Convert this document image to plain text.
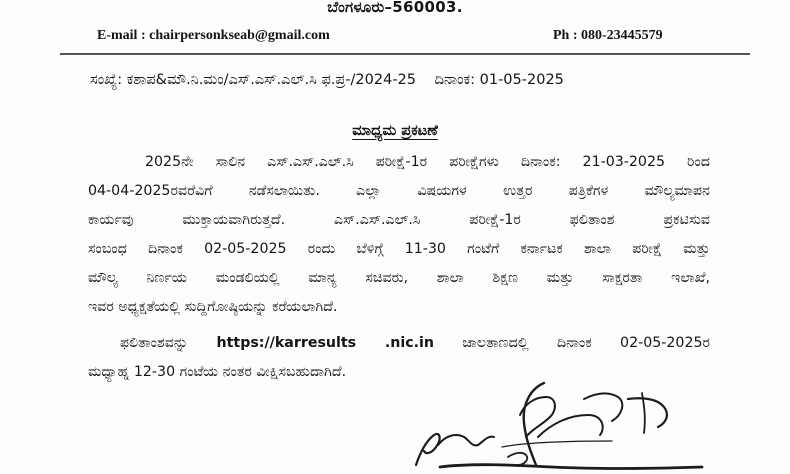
ಬೆಂಗಳೂರು–560003.
E-mail : chairpersonkseab@gmail.com	Ph : 080-23445579
ಸಂಖ್ಯೆ: ಕಶಾಪ&ಮೌ.ನಿ.ಮಂ/ಎಸ್.ಎಸ್.ಎಲ್.ಸಿ ಫ.ಪ್ರ-/2024-25 ದಿನಾಂಕ: 01-05-2025
ಮಾಧ್ಯಮ ಪ್ರಕಟಣೆ
2025ನೇ ಸಾಲಿನ ಎಸ್.ಎಸ್.ಎಲ್.ಸಿ ಪರೀಕ್ಷೆ-1ರ ಪರೀಕ್ಷೆಗಳು ದಿನಾಂಕ: 21-03-2025 ರಿಂದ
04-04-2025ರವರೆವಿಗೆ ನಡೆಸಲಾಯಿತು. ಎಲ್ಲಾ ವಿಷಯಗಳ ಉತ್ತರ ಪತ್ರಿಕೆಗಳ ಮೌಲ್ಯಮಾಪನ
ಕಾರ್ಯವು ಮುಕ್ತಾಯವಾಗಿರುತ್ತದೆ. ಎಸ್.ಎಸ್.ಎಲ್.ಸಿ ಪರೀಕ್ಷೆ-1ರ ಫಲಿತಾಂಶ ಪ್ರಕಟಿಸುವ
ಸಂಬಂಧ ದಿನಾಂಕ 02-05-2025 ರಂದು ಬೆಳಿಗ್ಗೆ 11-30 ಗಂಟೆಗೆ ಕರ್ನಾಟಕ ಶಾಲಾ ಪರೀಕ್ಷೆ ಮತ್ತು
ಮೌಲ್ಯ ನಿರ್ಣಯ ಮಂಡಲಿಯಲ್ಲಿ ಮಾನ್ಯ ಸಚಿವರು, ಶಾಲಾ ಶಿಕ್ಷಣ ಮತ್ತು ಸಾಕ್ಷರತಾ ಇಲಾಖೆ,
ಇವರ ಅಧ್ಯಕ್ಷತೆಯಲ್ಲಿ ಸುದ್ದಿಗೋಷ್ಠಿಯನ್ನು ಕರೆಯಲಾಗಿದೆ.
ಫಲಿತಾಂಶವನ್ನು https://karresults .nic.in ಜಾಲತಾಣದಲ್ಲಿ ದಿನಾಂಕ 02-05-2025ರ
ಮಧ್ಯಾಹ್ನ 12-30 ಗಂಟೆಯ ನಂತರ ವೀಕ್ಷಿಸಬಹುದಾಗಿದೆ.
